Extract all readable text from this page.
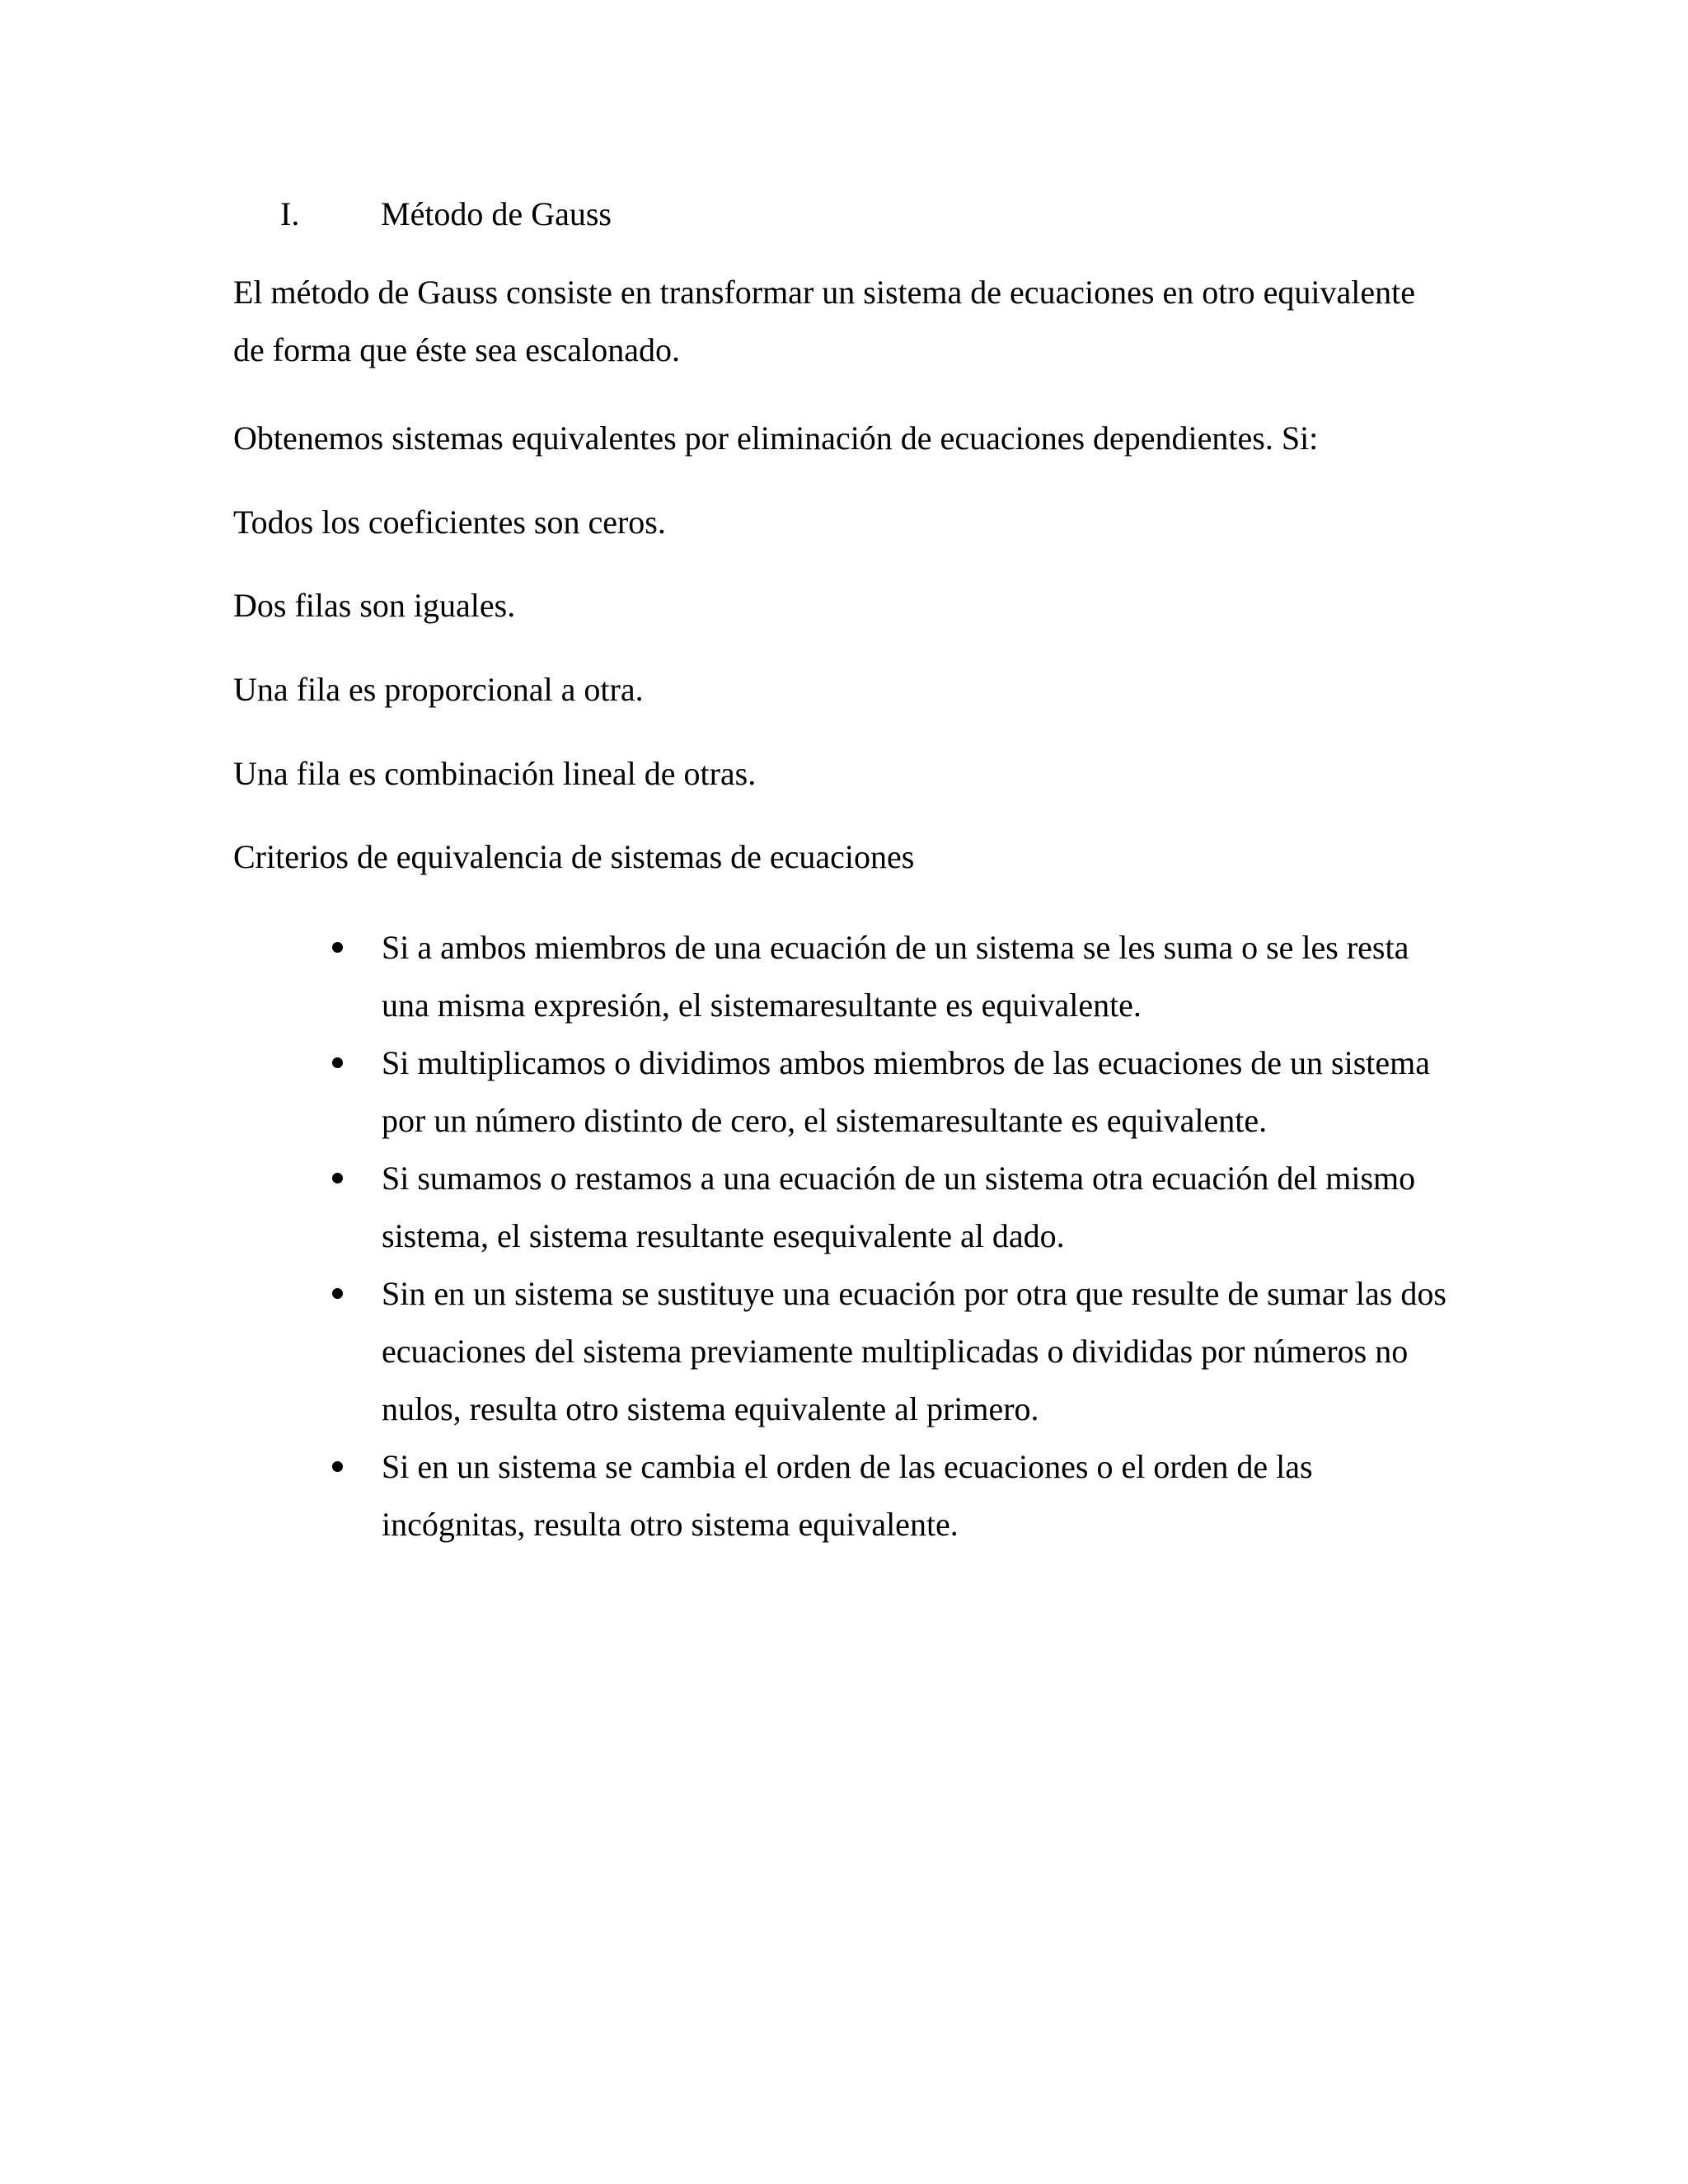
I. Método de Gauss

El método de Gauss consiste en transformar un sistema de ecuaciones en otro equivalente de forma que éste sea escalonado.

Obtenemos sistemas equivalentes por eliminación de ecuaciones dependientes. Si:

Todos los coeficientes son ceros.

Dos filas son iguales.

Una fila es proporcional a otra.

Una fila es combinación lineal de otras.

Criterios de equivalencia de sistemas de ecuaciones

Si a ambos miembros de una ecuación de un sistema se les suma o se les resta una misma expresión, el sistemaresultante es equivalente.
Si multiplicamos o dividimos ambos miembros de las ecuaciones de un sistema por un número distinto de cero, el sistemaresultante es equivalente.
Si sumamos o restamos a una ecuación de un sistema otra ecuación del mismo sistema, el sistema resultante esequivalente al dado.
Sin en un sistema se sustituye una ecuación por otra que resulte de sumar las dos ecuaciones del sistema previamente multiplicadas o divididas por números no nulos, resulta otro sistema equivalente al primero.
Si en un sistema se cambia el orden de las ecuaciones o el orden de las incógnitas, resulta otro sistema equivalente.
